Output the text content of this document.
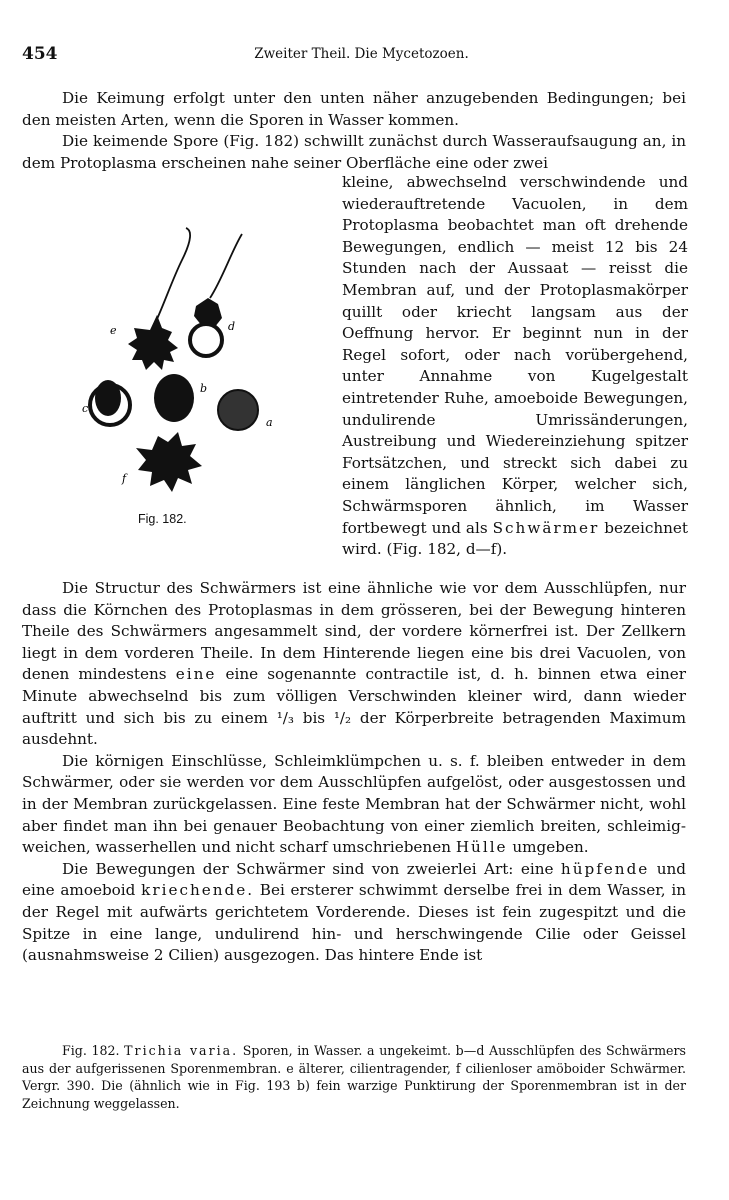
454	Zweiter Theil. Die Mycetozoen.

Die Keimung erfolgt unter den unten näher anzugebenden Bedingungen; bei den meisten Arten, wenn die Sporen in Wasser kommen.

Die keimende Spore (Fig. 182) schwillt zunächst durch Wasseraufsaugung an, in dem Protoplasma erscheinen nahe seiner Oberfläche eine oder zwei

e	d
b
c
a
f
Fig. 182.

kleine, abwechselnd verschwindende und wiederauftretende Vacuolen, in dem Protoplasma beobachtet man oft drehende Bewegungen, endlich — meist 12 bis 24 Stunden nach der Aussaat — reisst die Membran auf, und der Protoplasmakörper quillt oder kriecht langsam aus der Oeffnung hervor. Er beginnt nun in der Regel sofort, oder nach vorübergehend, unter Annahme von Kugelgestalt eintretender Ruhe, amoeboide Bewegungen, undulirende Umrissänderungen, Austreibung und Wiedereinziehung spitzer Fortsätzchen, und streckt sich dabei zu einem länglichen Körper, welcher sich, Schwärmsporen ähnlich, im Wasser fortbewegt und als Schwärmer bezeichnet wird. (Fig. 182, d—f).

Die Structur des Schwärmers ist eine ähnliche wie vor dem Ausschlüpfen, nur dass die Körnchen des Protoplasmas in dem grösseren, bei der Bewegung hinteren Theile des Schwärmers angesammelt sind, der vordere körnerfrei ist. Der Zellkern liegt in dem vorderen Theile. In dem Hinterende liegen eine bis drei Vacuolen, von denen mindestens eine eine sogenannte contractile ist, d. h. binnen etwa einer Minute abwechselnd bis zum völligen Verschwinden kleiner wird, dann wieder auftritt und sich bis zu einem ¹/₃ bis ¹/₂ der Körperbreite betragenden Maximum ausdehnt.

Die körnigen Einschlüsse, Schleimklümpchen u. s. f. bleiben entweder in dem Schwärmer, oder sie werden vor dem Ausschlüpfen aufgelöst, oder ausgestossen und in der Membran zurückgelassen. Eine feste Membran hat der Schwärmer nicht, wohl aber findet man ihn bei genauer Beobachtung von einer ziemlich breiten, schleimig-weichen, wasserhellen und nicht scharf umschriebenen Hülle umgeben.

Die Bewegungen der Schwärmer sind von zweierlei Art: eine hüpfende und eine amoeboid kriechende. Bei ersterer schwimmt derselbe frei in dem Wasser, in der Regel mit aufwärts gerichtetem Vorderende. Dieses ist fein zugespitzt und die Spitze in eine lange, undulirend hin- und herschwingende Cilie oder Geissel (ausnahmsweise 2 Cilien) ausgezogen. Das hintere Ende ist

Fig. 182. Trichia varia. Sporen, in Wasser. a ungekeimt. b—d Ausschlüpfen des Schwärmers aus der aufgerissenen Sporenmembran. e älterer, cilientragender, f cilienloser amöboider Schwärmer. Vergr. 390. Die (ähnlich wie in Fig. 193 b) fein warzige Punktirung der Sporenmembran ist in der Zeichnung weggelassen.
